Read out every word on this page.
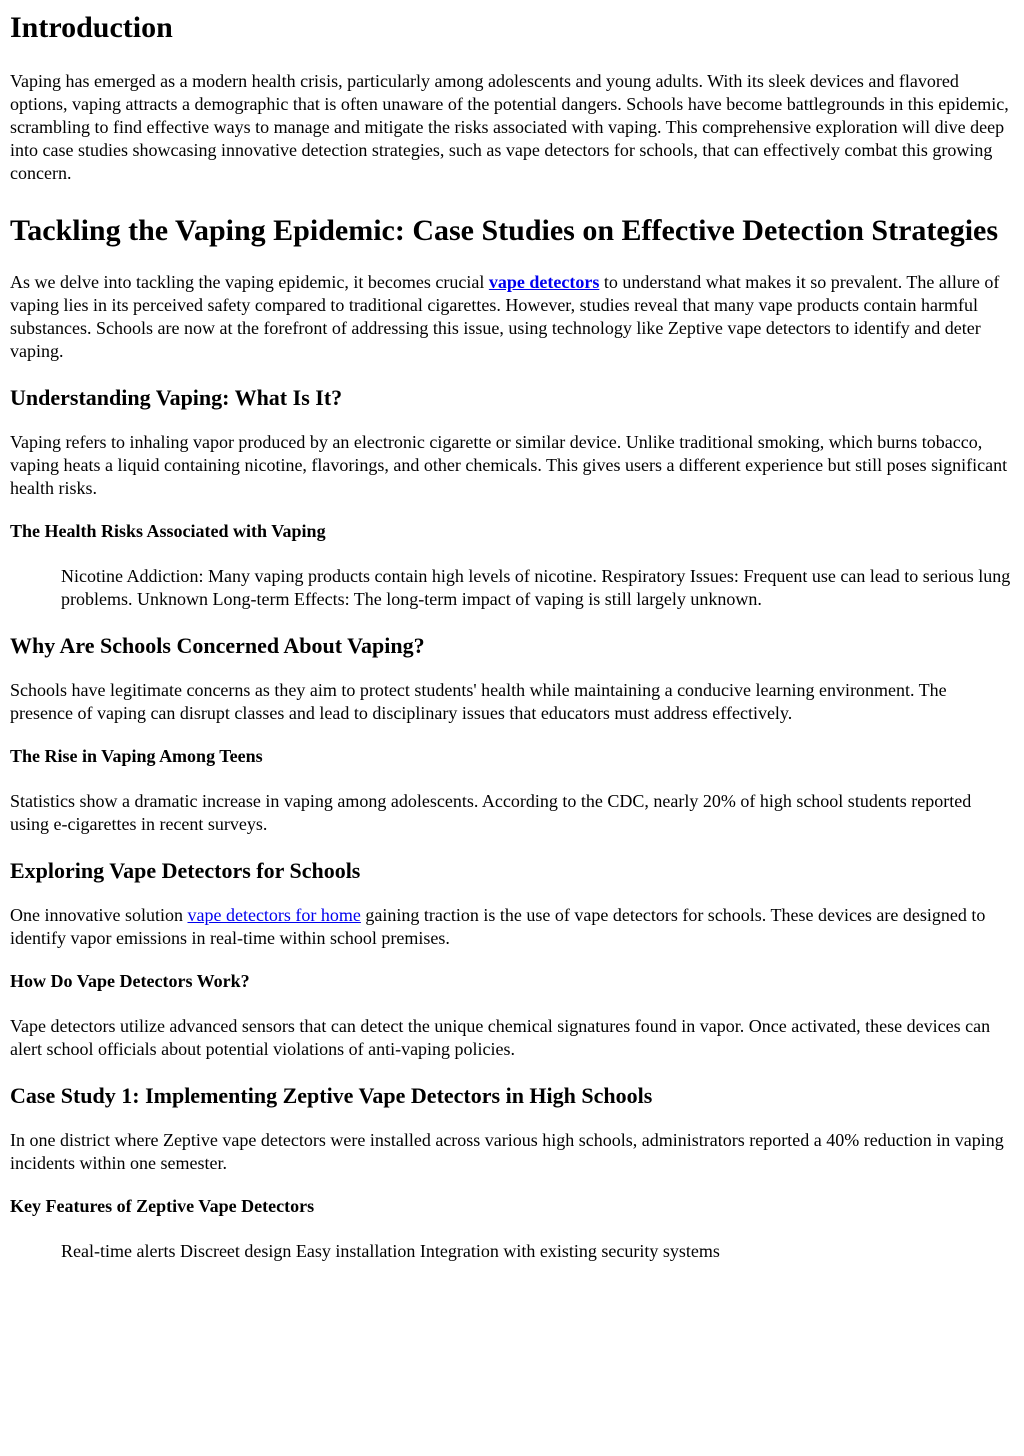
Introduction

Vaping has emerged as a modern health crisis, particularly among adolescents and young adults. With its sleek devices and flavored options, vaping attracts a demographic that is often unaware of the potential dangers. Schools have become battlegrounds in this epidemic, scrambling to find effective ways to manage and mitigate the risks associated with vaping. This comprehensive exploration will dive deep into case studies showcasing innovative detection strategies, such as vape detectors for schools, that can effectively combat this growing concern.

Tackling the Vaping Epidemic: Case Studies on Effective Detection Strategies

As we delve into tackling the vaping epidemic, it becomes crucial vape detectors to understand what makes it so prevalent. The allure of vaping lies in its perceived safety compared to traditional cigarettes. However, studies reveal that many vape products contain harmful substances. Schools are now at the forefront of addressing this issue, using technology like Zeptive vape detectors to identify and deter vaping.

Understanding Vaping: What Is It?

Vaping refers to inhaling vapor produced by an electronic cigarette or similar device. Unlike traditional smoking, which burns tobacco, vaping heats a liquid containing nicotine, flavorings, and other chemicals. This gives users a different experience but still poses significant health risks.

The Health Risks Associated with Vaping
Nicotine Addiction: Many vaping products contain high levels of nicotine. Respiratory Issues: Frequent use can lead to serious lung problems. Unknown Long-term Effects: The long-term impact of vaping is still largely unknown.
Why Are Schools Concerned About Vaping?

Schools have legitimate concerns as they aim to protect students' health while maintaining a conducive learning environment. The presence of vaping can disrupt classes and lead to disciplinary issues that educators must address effectively.

The Rise in Vaping Among Teens

Statistics show a dramatic increase in vaping among adolescents. According to the CDC, nearly 20% of high school students reported using e-cigarettes in recent surveys.

Exploring Vape Detectors for Schools

One innovative solution vape detectors for home gaining traction is the use of vape detectors for schools. These devices are designed to identify vapor emissions in real-time within school premises.

How Do Vape Detectors Work?

Vape detectors utilize advanced sensors that can detect the unique chemical signatures found in vapor. Once activated, these devices can alert school officials about potential violations of anti-vaping policies.

Case Study 1: Implementing Zeptive Vape Detectors in High Schools

In one district where Zeptive vape detectors were installed across various high schools, administrators reported a 40% reduction in vaping incidents within one semester.

Key Features of Zeptive Vape Detectors
Real-time alerts Discreet design Easy installation Integration with existing security systems
